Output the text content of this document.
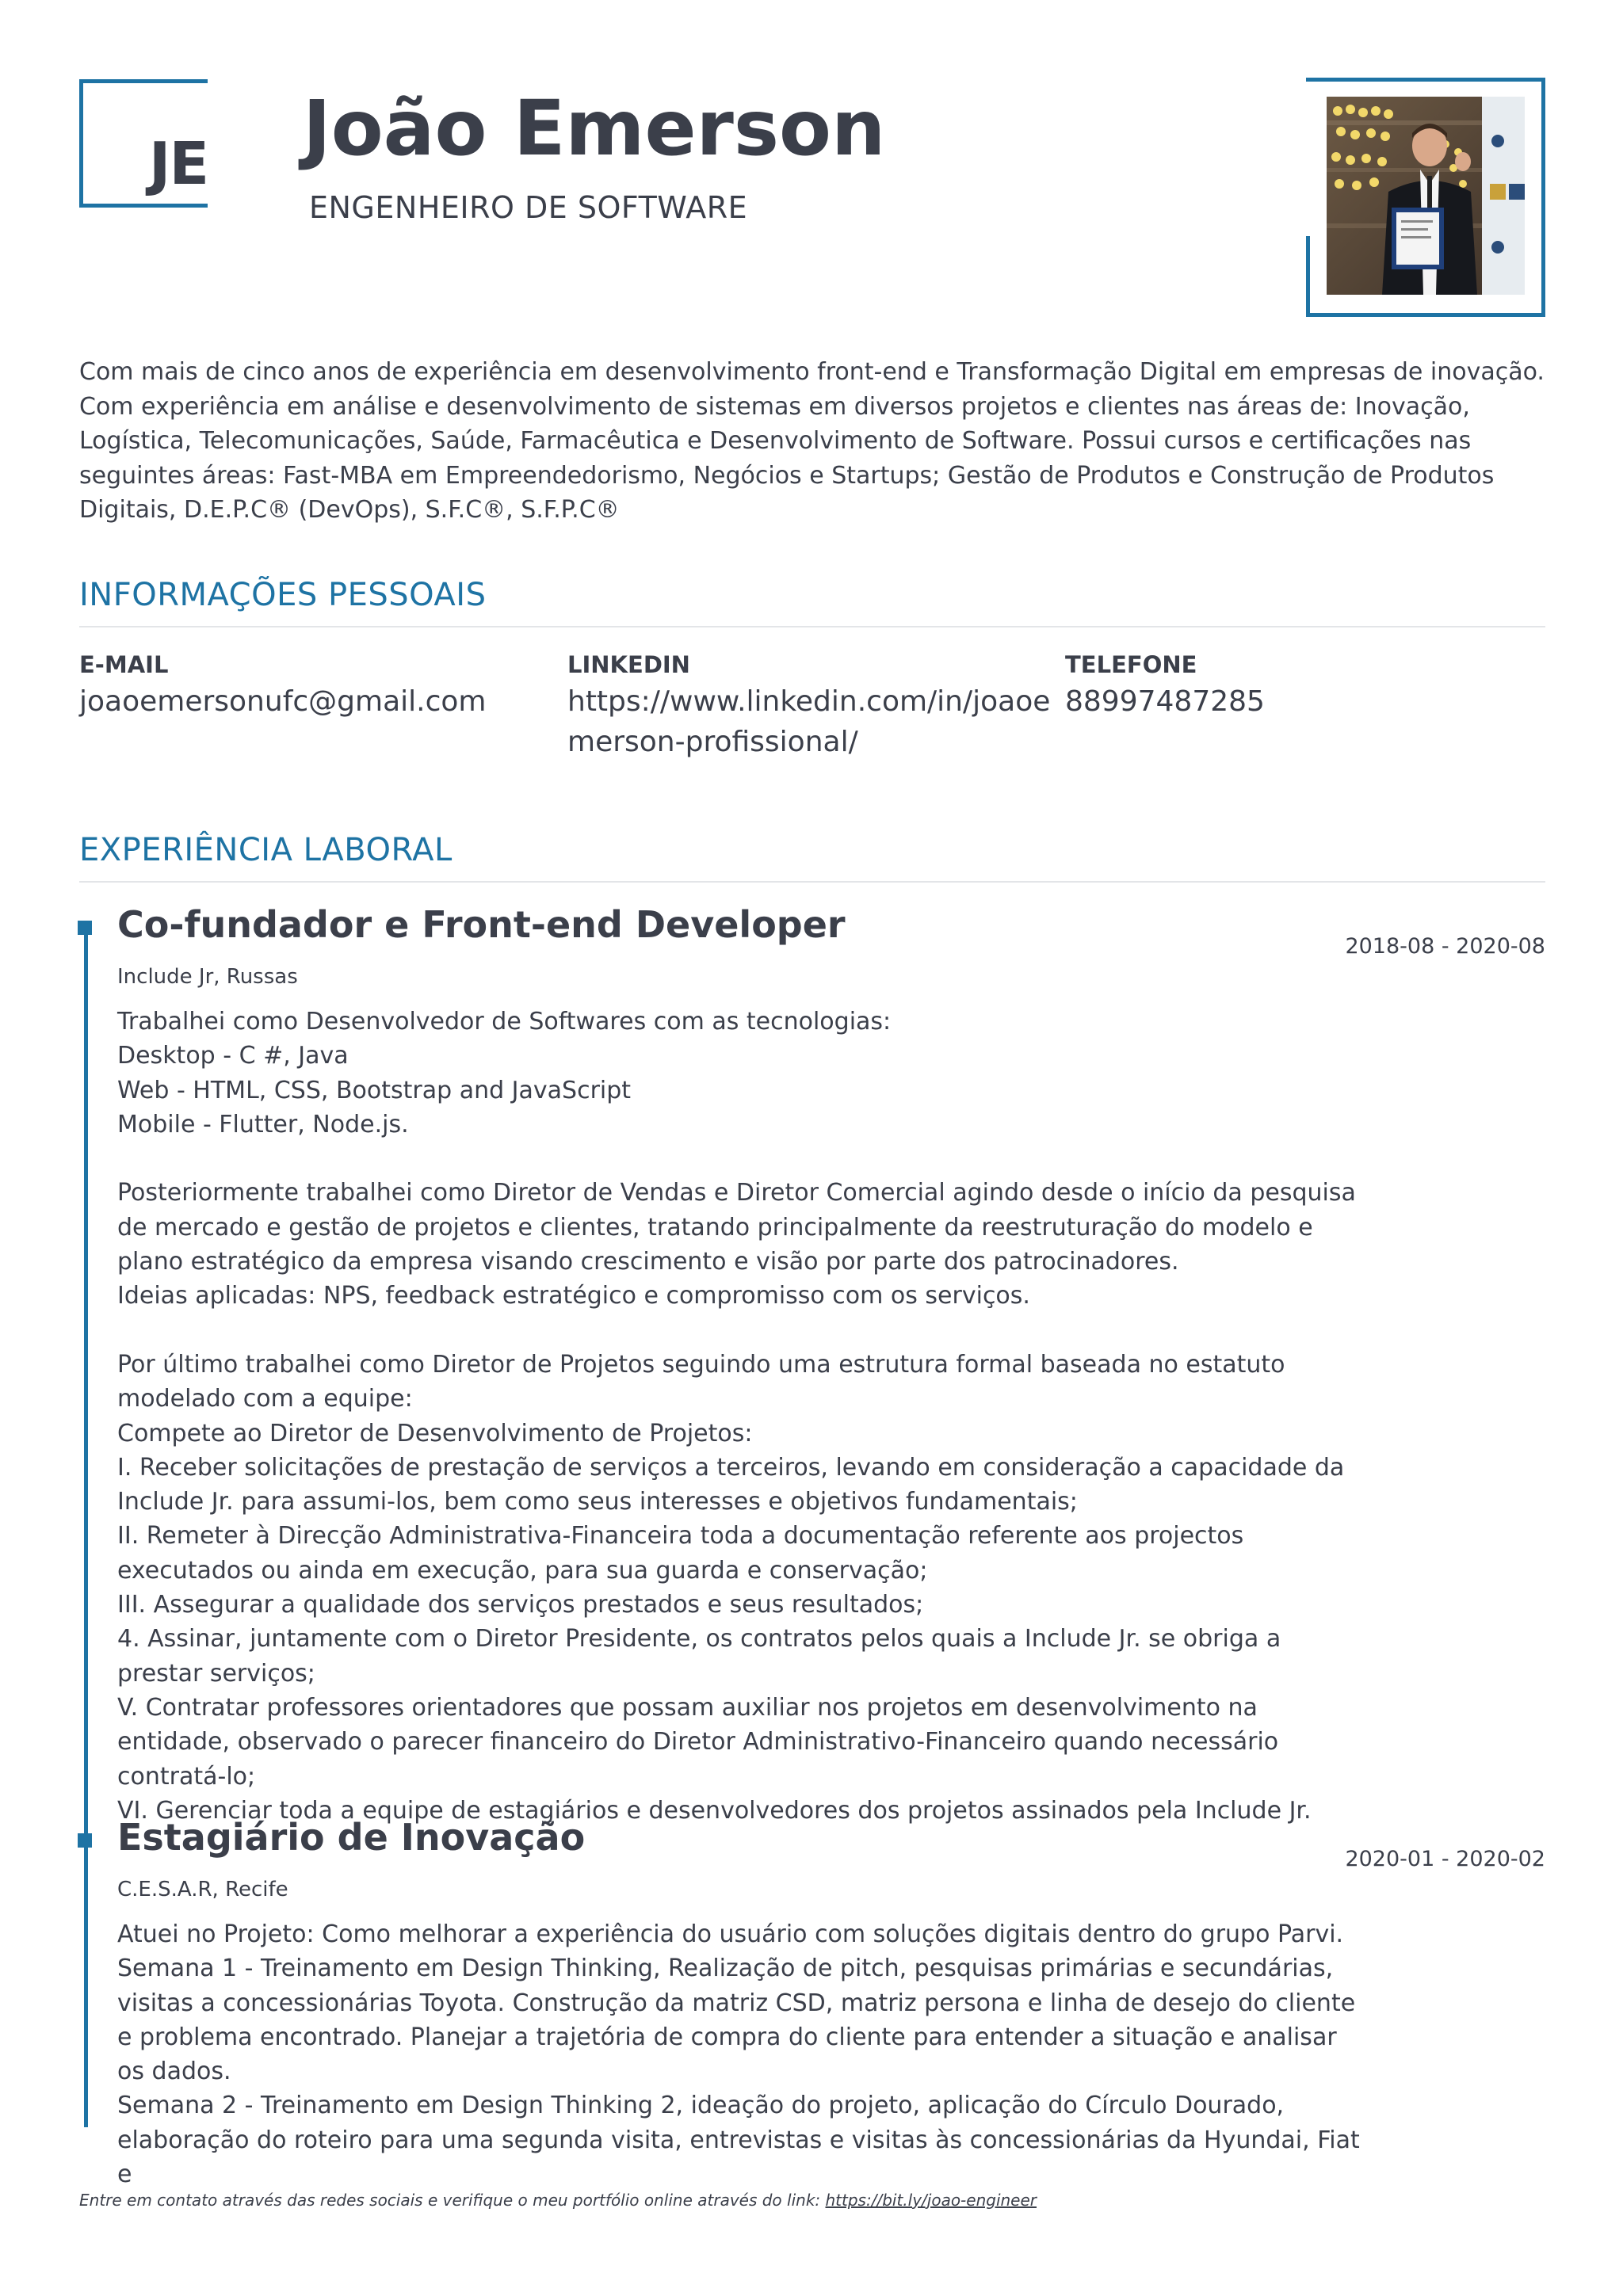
JE João Emerson
ENGENHEIRO DE SOFTWARE
Com mais de cinco anos de experiência em desenvolvimento front-end e Transformação Digital em empresas de inovação. Com experiência em análise e desenvolvimento de sistemas em diversos projetos e clientes nas áreas de: Inovação, Logística, Telecomunicações, Saúde, Farmacêutica e Desenvolvimento de Software. Possui cursos e certificações nas seguintes áreas: Fast-MBA em Empreendedorismo, Negócios e Startups; Gestão de Produtos e Construção de Produtos Digitais, D.E.P.C® (DevOps), S.F.C®, S.F.P.C®
INFORMAÇÕES PESSOAIS
E-MAIL
joaoemersonufc@gmail.com
LINKEDIN
https://www.linkedin.com/in/joaoe
merson-profissional/
TELEFONE
88997487285
EXPERIÊNCIA LABORAL
Co-fundador e Front-end Developer
2018-08 - 2020-08
Include Jr, Russas

Trabalhei como Desenvolvedor de Softwares com as tecnologias:

Desktop - C #, Java

Web - HTML, CSS, Bootstrap and JavaScript

Mobile - Flutter, Node.js.

Posteriormente trabalhei como Diretor de Vendas e Diretor Comercial agindo desde o início da pesquisa de mercado e gestão de projetos e clientes, tratando principalmente da reestruturação do modelo e plano estratégico da empresa visando crescimento e visão por parte dos patrocinadores.

Ideias aplicadas: NPS, feedback estratégico e compromisso com os serviços.

Por último trabalhei como Diretor de Projetos seguindo uma estrutura formal baseada no estatuto modelado com a equipe:

Compete ao Diretor de Desenvolvimento de Projetos:

I. Receber solicitações de prestação de serviços a terceiros, levando em consideração a capacidade da Include Jr. para assumi-los, bem como seus interesses e objetivos fundamentais;

II. Remeter à Direcção Administrativa-Financeira toda a documentação referente aos projectos executados ou ainda em execução, para sua guarda e conservação;

III. Assegurar a qualidade dos serviços prestados e seus resultados;

4. Assinar, juntamente com o Diretor Presidente, os contratos pelos quais a Include Jr. se obriga a prestar serviços;

V. Contratar professores orientadores que possam auxiliar nos projetos em desenvolvimento na entidade, observado o parecer financeiro do Diretor Administrativo-Financeiro quando necessário contratá-lo;

VI. Gerenciar toda a equipe de estagiários e desenvolvedores dos projetos assinados pela Include Jr.

Estagiário de Inovação
2020-01 - 2020-02
C.E.S.A.R, Recife

Atuei no Projeto: Como melhorar a experiência do usuário com soluções digitais dentro do grupo Parvi.

Semana 1 - Treinamento em Design Thinking, Realização de pitch, pesquisas primárias e secundárias, visitas a concessionárias Toyota. Construção da matriz CSD, matriz persona e linha de desejo do cliente e problema encontrado. Planejar a trajetória de compra do cliente para entender a situação e analisar os dados.

Semana 2 - Treinamento em Design Thinking 2, ideação do projeto, aplicação do Círculo Dourado, elaboração do roteiro para uma segunda visita, entrevistas e visitas às concessionárias da Hyundai, Fiat e

Entre em contato através das redes sociais e verifique o meu portfólio online através do link: https://bit.ly/joao-engineer
